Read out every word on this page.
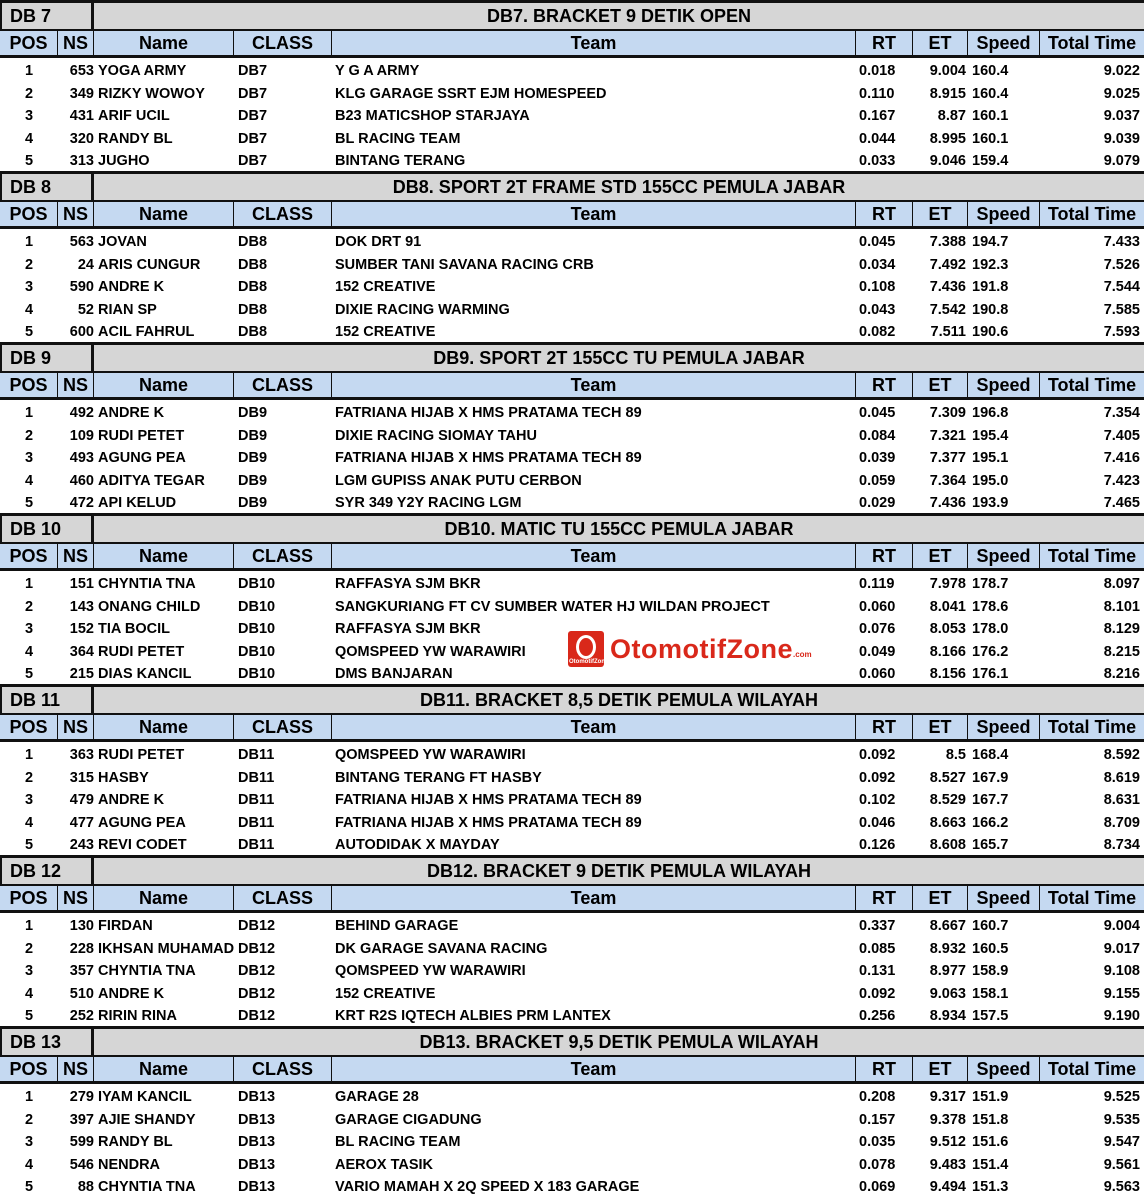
DB 7	DB7. BRACKET 9 DETIK OPEN
POS NS	Name	CLASS	Team	RT	ET	Speed Total Time
1	653 YOGA ARMY	DB7	Y G A ARMY	0.018	9.004 160.4	9.022
2	349 RIZKY WOWOY	DB7	KLG GARAGE SSRT EJM HOMESPEED	0.110	8.915 160.4	9.025
3	431 ARIF UCIL	DB7	B23 MATICSHOP STARJAYA	0.167	8.87 160.1	9.037
4	320 RANDY BL	DB7	BL RACING TEAM	0.044	8.995 160.1	9.039
5	313 JUGHO	DB7	BINTANG TERANG	0.033	9.046 159.4	9.079
DB 8	DB8. SPORT 2T FRAME STD 155CC PEMULA JABAR
POS NS	Name	CLASS	Team	RT	ET	Speed Total Time
1	563 JOVAN	DB8	DOK DRT 91	0.045	7.388 194.7	7.433
2	24 ARIS CUNGUR	DB8	SUMBER TANI SAVANA RACING CRB	0.034	7.492 192.3	7.526
3	590 ANDRE K	DB8	152 CREATIVE	0.108	7.436 191.8	7.544
4	52 RIAN SP	DB8	DIXIE RACING WARMING	0.043	7.542 190.8	7.585
5	600 ACIL FAHRUL	DB8	152 CREATIVE	0.082	7.511 190.6	7.593
DB 9	DB9. SPORT 2T 155CC TU PEMULA JABAR
POS NS	Name	CLASS	Team	RT	ET	Speed Total Time
1	492 ANDRE K	DB9	FATRIANA HIJAB X HMS PRATAMA TECH 89	0.045	7.309 196.8	7.354
2	109 RUDI PETET	DB9	DIXIE RACING SIOMAY TAHU	0.084	7.321 195.4	7.405
3	493 AGUNG PEA	DB9	FATRIANA HIJAB X HMS PRATAMA TECH 89	0.039	7.377 195.1	7.416
4	460 ADITYA TEGAR	DB9	LGM GUPISS ANAK PUTU CERBON	0.059	7.364 195.0	7.423
5	472 API KELUD	DB9	SYR 349 Y2Y RACING LGM	0.029	7.436 193.9	7.465
DB 10	DB10. MATIC TU 155CC PEMULA JABAR
POS NS	Name	CLASS	Team	RT	ET	Speed Total Time
1	151 CHYNTIA TNA	DB10	RAFFASYA SJM BKR	0.119	7.978 178.7	8.097
2	143 ONANG CHILD	DB10	SANGKURIANG FT CV SUMBER WATER HJ WILDAN PROJECT	0.060	8.041 178.6	8.101
3	152 TIA BOCIL	DB10	RAFFASYA SJM BKR	0.076	8.053 178.0	8.129
4	364 RUDI PETET	DB10	QOMSPEED YW WARAWIRI	0.049	8.166 176.2	8.215
5	215 DIAS KANCIL	DB10	DMS BANJARAN	0.060	8.156 176.1	8.216
DB 11	DB11. BRACKET 8,5 DETIK PEMULA WILAYAH
POS NS	Name	CLASS	Team	RT	ET	Speed Total Time
1	363 RUDI PETET	DB11	QOMSPEED YW WARAWIRI	0.092	8.5 168.4	8.592
2	315 HASBY	DB11	BINTANG TERANG FT HASBY	0.092	8.527 167.9	8.619
3	479 ANDRE K	DB11	FATRIANA HIJAB X HMS PRATAMA TECH 89	0.102	8.529 167.7	8.631
4	477 AGUNG PEA	DB11	FATRIANA HIJAB X HMS PRATAMA TECH 89	0.046	8.663 166.2	8.709
5	243 REVI CODET	DB11	AUTODIDAK X MAYDAY	0.126	8.608 165.7	8.734
DB 12	DB12. BRACKET 9 DETIK PEMULA WILAYAH
POS NS	Name	CLASS	Team	RT	ET	Speed Total Time
1	130 FIRDAN	DB12	BEHIND GARAGE	0.337	8.667 160.7	9.004
2	228 IKHSAN MUHAMAD DB12	DK GARAGE SAVANA RACING	0.085	8.932 160.5	9.017
3	357 CHYNTIA TNA	DB12	QOMSPEED YW WARAWIRI	0.131	8.977 158.9	9.108
4	510 ANDRE K	DB12	152 CREATIVE	0.092	9.063 158.1	9.155
5	252 RIRIN RINA	DB12	KRT R2S IQTECH ALBIES PRM LANTEX	0.256	8.934 157.5	9.190
DB 13	DB13. BRACKET 9,5 DETIK PEMULA WILAYAH
POS NS	Name	CLASS	Team	RT	ET	Speed Total Time
1	279 IYAM KANCIL	DB13	GARAGE 28	0.208	9.317 151.9	9.525
2	397 AJIE SHANDY	DB13	GARAGE CIGADUNG	0.157	9.378 151.8	9.535
3	599 RANDY BL	DB13	BL RACING TEAM	0.035	9.512 151.6	9.547
4	546 NENDRA	DB13	AEROX TASIK	0.078	9.483 151.4	9.561
5	88 CHYNTIA TNA	DB13	VARIO MAMAH X 2Q SPEED X 183 GARAGE	0.069	9.494 151.3	9.563
OtomotifZone OtomotifZone .com
